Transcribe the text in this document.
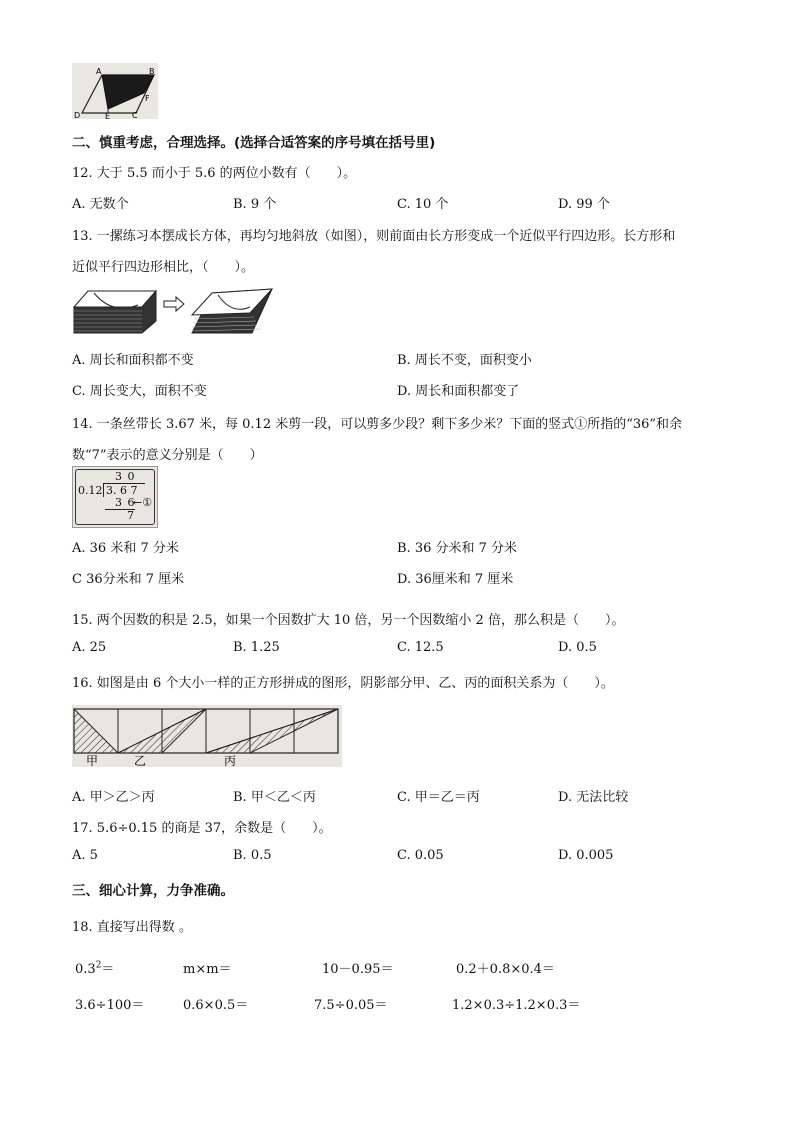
A	B
F
C
E
D
二、慎重考虑，合理选择。(选择合适答案的序号填在括号里)
12. 大于 5.5 而小于 5.6 的两位小数有（　　）。
A. 无数个	B. 9 个	C. 10 个	D. 99 个
13. 一摞练习本摆成长方体，再均匀地斜放（如图），则前面由长方形变成一个近似平行四边形。长方形和
近似平行四边形相比，（　　）。
A. 周长和面积都不变	B. 周长不变，面积变小
C. 周长变大，面积不变	D. 周长和面积都变了
14. 一条丝带长 3.67 米，每 0.12 米剪一段，可以剪多少段？剩下多少米？下面的竖式①所指的“36”和余
数“7”表示的意义分别是（　　）
0.12
3 0
3. 6 7
3 6
←①
7
A. 36 米和 7 分米	B. 36 分米和 7 分米
C 36分米和 7 厘米	D. 36厘米和 7 厘米
15. 两个因数的积是 2.5，如果一个因数扩大 10 倍，另一个因数缩小 2 倍，那么积是（　　）。
A. 25	B. 1.25	C. 12.5	D. 0.5
16. 如图是由 6 个大小一样的正方形拼成的图形，阴影部分甲、乙、丙的面积关系为（　　）。
甲	乙	丙
A. 甲＞乙＞丙	B. 甲＜乙＜丙	C. 甲＝乙＝丙	D. 无法比较
17. 5.6÷0.15 的商是 37，余数是（　　）。
A. 5	B. 0.5	C. 0.05	D. 0.005
三、细心计算，力争准确。
18. 直接写出得数 。
$0.3^2=$	m×m＝	10－0.95＝	0.2＋0.8×0.4＝
3.6÷100＝	0.6×0.5＝	7.5÷0.05＝	1.2×0.3÷1.2×0.3＝
